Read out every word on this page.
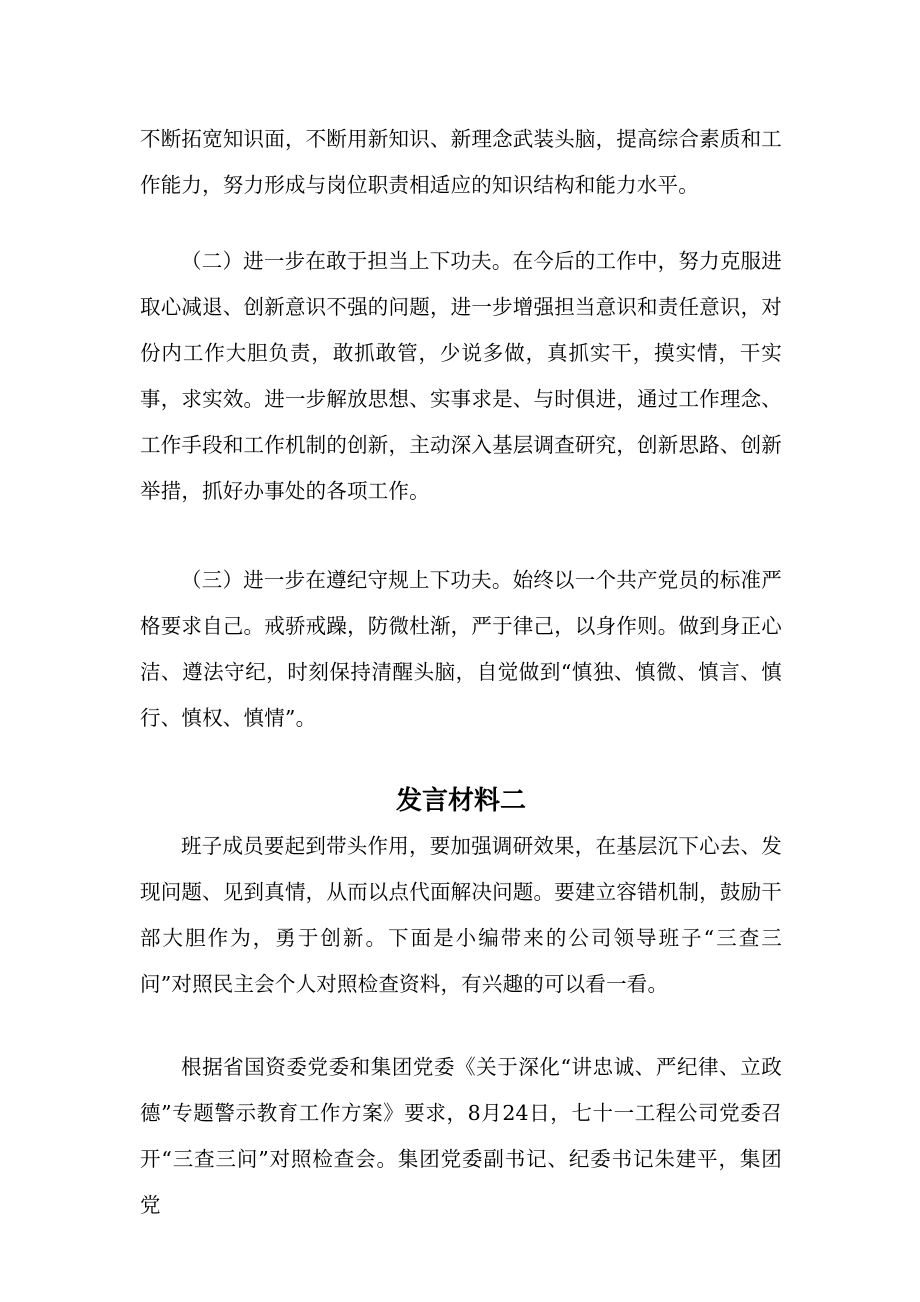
不断拓宽知识面，不断用新知识、新理念武装头脑，提高综合素质和工作能力，努力形成与岗位职责相适应的知识结构和能力水平。

（二）进一步在敢于担当上下功夫。在今后的工作中，努力克服进取心减退、创新意识不强的问题，进一步增强担当意识和责任意识，对份内工作大胆负责，敢抓敢管，少说多做，真抓实干，摸实情，干实事，求实效。进一步解放思想、实事求是、与时俱进，通过工作理念、工作手段和工作机制的创新，主动深入基层调查研究，创新思路、创新举措，抓好办事处的各项工作。

（三）进一步在遵纪守规上下功夫。始终以一个共产党员的标准严格要求自己。戒骄戒躁，防微杜渐，严于律己，以身作则。做到身正心洁、遵法守纪，时刻保持清醒头脑，自觉做到“慎独、慎微、慎言、慎行、慎权、慎情”。

发言材料二

班子成员要起到带头作用，要加强调研效果，在基层沉下心去、发现问题、见到真情，从而以点代面解决问题。要建立容错机制，鼓励干部大胆作为，勇于创新。下面是小编带来的公司领导班子“三查三问”对照民主会个人对照检查资料，有兴趣的可以看一看。

根据省国资委党委和集团党委《关于深化“讲忠诚、严纪律、立政德”专题警示教育工作方案》要求，8月24日，七十一工程公司党委召开“三查三问”对照检查会。集团党委副书记、纪委书记朱建平，集团党
